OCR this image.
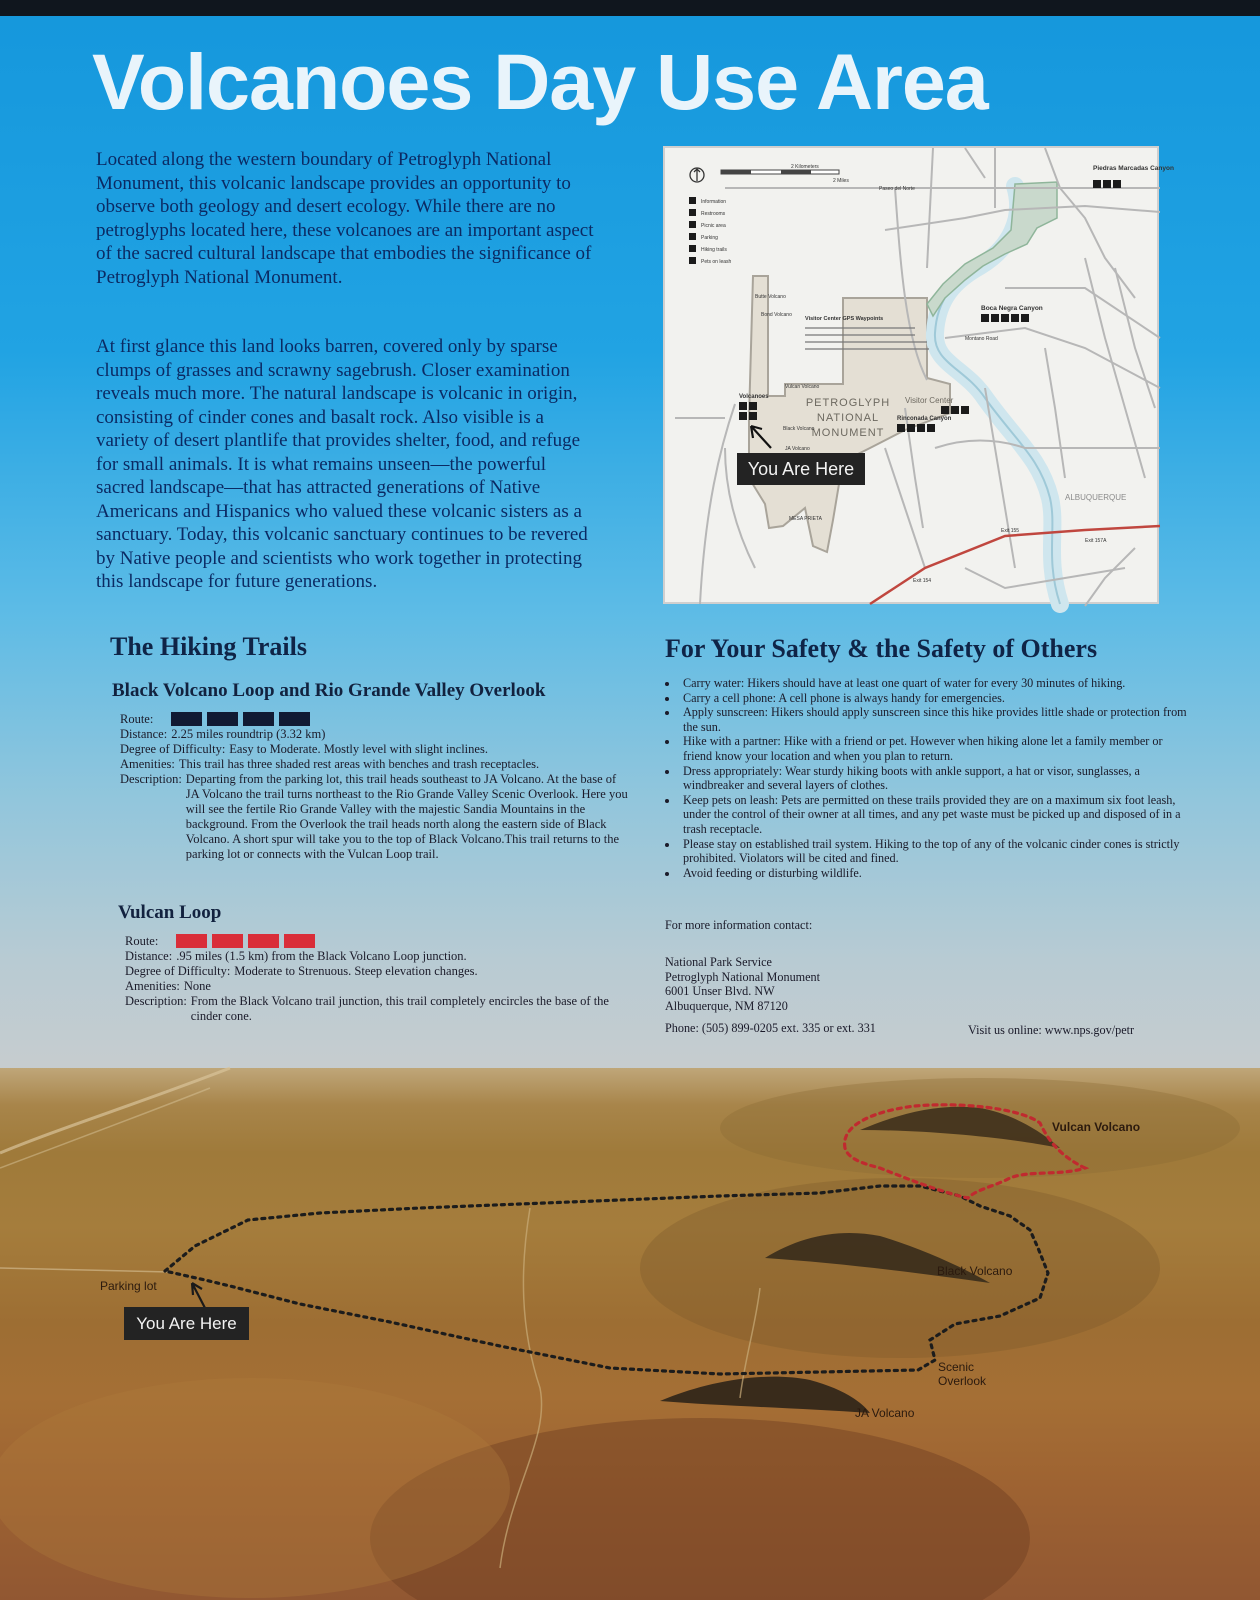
Volcanoes Day Use Area

Located along the western boundary of Petroglyph National Monument, this volcanic landscape provides an opportunity to observe both geology and desert ecology. While there are no petroglyphs located here, these volcanoes are an important aspect of the sacred cultural landscape that embodies the significance of Petroglyph National Monument.

At first glance this land looks barren, covered only by sparse clumps of grasses and scrawny sagebrush. Closer examination reveals much more. The natural landscape is volcanic in origin, consisting of cinder cones and basalt rock. Also visible is a variety of desert plantlife that provides shelter, food, and refuge for small animals. It is what remains unseen—the powerful sacred landscape—that has attracted generations of Native Americans and Hispanics who valued these volcanic sisters as a sanctuary. Today, this volcanic sanctuary continues to be revered by Native people and scientists who work together in protecting this landscape for future generations.

2 Kilometers
2 Miles
Information
Restrooms
Picnic area
Parking
Hiking trails
Pets on leash
PETROGLYPH
NATIONAL
MONUMENT
Piedras Marcadas Canyon
Boca Negra Canyon
Visitor Center
Rinconada Canyon
Volcanoes
Vulcan Volcano
Black Volcano
JA Volcano
Butte Volcano
Bond Volcano
MESA PRIETA
ALBUQUERQUE
Paseo del Norte
Montano Road
Visitor Center GPS Waypoints
Exit 154
Exit 155
Exit 157A
You Are Here
The Hiking Trails
Black Volcano Loop and Rio Grande Valley Overlook
Route:
Distance: 2.25 miles roundtrip (3.32 km)
Degree of Difficulty: Easy to Moderate. Mostly level with slight inclines.
Amenities: This trail has three shaded rest areas with benches and trash receptacles.
Description: Departing from the parking lot, this trail heads southeast to JA Volcano. At the base of JA Volcano the trail turns northeast to the Rio Grande Valley Scenic Overlook. Here you will see the fertile Rio Grande Valley with the majestic Sandia Mountains in the background. From the Overlook the trail heads north along the eastern side of Black Volcano. A short spur will take you to the top of Black Volcano.This trail returns to the parking lot or connects with the Vulcan Loop trail.
Vulcan Loop
Route:
Distance: .95 miles (1.5 km) from the Black Volcano Loop junction.
Degree of Difficulty: Moderate to Strenuous. Steep elevation changes.
Amenities: None
Description: From the Black Volcano trail junction, this trail completely encircles the base of the cinder cone.
For Your Safety & the Safety of Others
• Carry water: Hikers should have at least one quart of water for every 30 minutes of hiking.
• Carry a cell phone: A cell phone is always handy for emergencies.
• Apply sunscreen: Hikers should apply sunscreen since this hike provides little shade or protection from the sun.
• Hike with a partner: Hike with a friend or pet. However when hiking alone let a family member or friend know your location and when you plan to return.
• Dress appropriately: Wear sturdy hiking boots with ankle support, a hat or visor, sunglasses, a windbreaker and several layers of clothes.
• Keep pets on leash: Pets are permitted on these trails provided they are on a maximum six foot leash, under the control of their owner at all times, and any pet waste must be picked up and disposed of in a trash receptacle.
• Please stay on established trail system. Hiking to the top of any of the volcanic cinder cones is strictly prohibited. Violators will be cited and fined.
• Avoid feeding or disturbing wildlife.

For more information contact:

National Park Service
Petroglyph National Monument
6001 Unser Blvd. NW
Albuquerque, NM 87120

Phone: (505) 899-0205 ext. 335 or ext. 331	Visit us online: www.nps.gov/petr

Vulcan Volcano
Black Volcano
Scenic
Overlook
JA Volcano
Parking lot
You Are Here
